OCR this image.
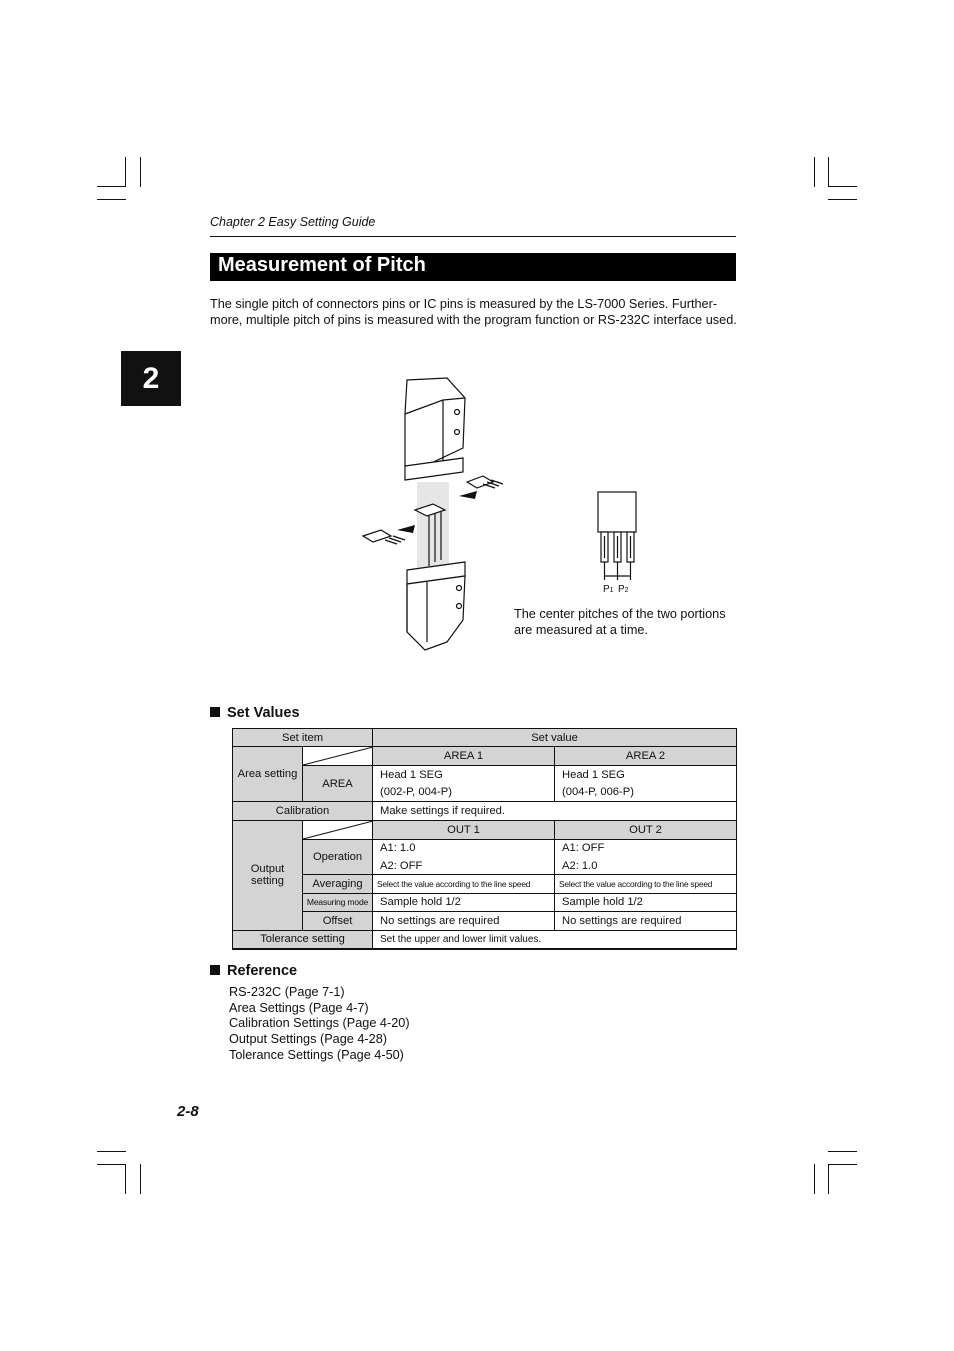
Chapter 2 Easy Setting Guide
Measurement of Pitch
2
The single pitch of connectors pins or IC pins is measured by the LS-7000 Series. Further-more, multiple pitch of pins is measured with the program function or RS-232C interface used.
P1 P2
The center pitches of the two portions
are measured at a time.
Set Values
Set item		Set value	
Area setting		AREA 1	AREA 2
	AREA	Head 1 SEG	Head 1 SEG
		(002-P, 004-P)	(004-P, 006-P)
Calibration		Make settings if required.	

Output
setting		OUT 1	OUT 2
	Operation	A1: 1.0	A1: OFF
		A2: OFF	A2: 1.0
	Averaging	Select the value according to the line speed	Select the value according to the line speed
	Measuring mode	Sample hold 1/2	Sample hold 1/2
	Offset	No settings are required	No settings are required
Tolerance setting		Set the upper and lower limit values.	
Reference
RS-232C (Page 7-1)
Area Settings (Page 4-7)
Calibration Settings (Page 4-20)
Output Settings (Page 4-28)
Tolerance Settings (Page 4-50)
2-8
